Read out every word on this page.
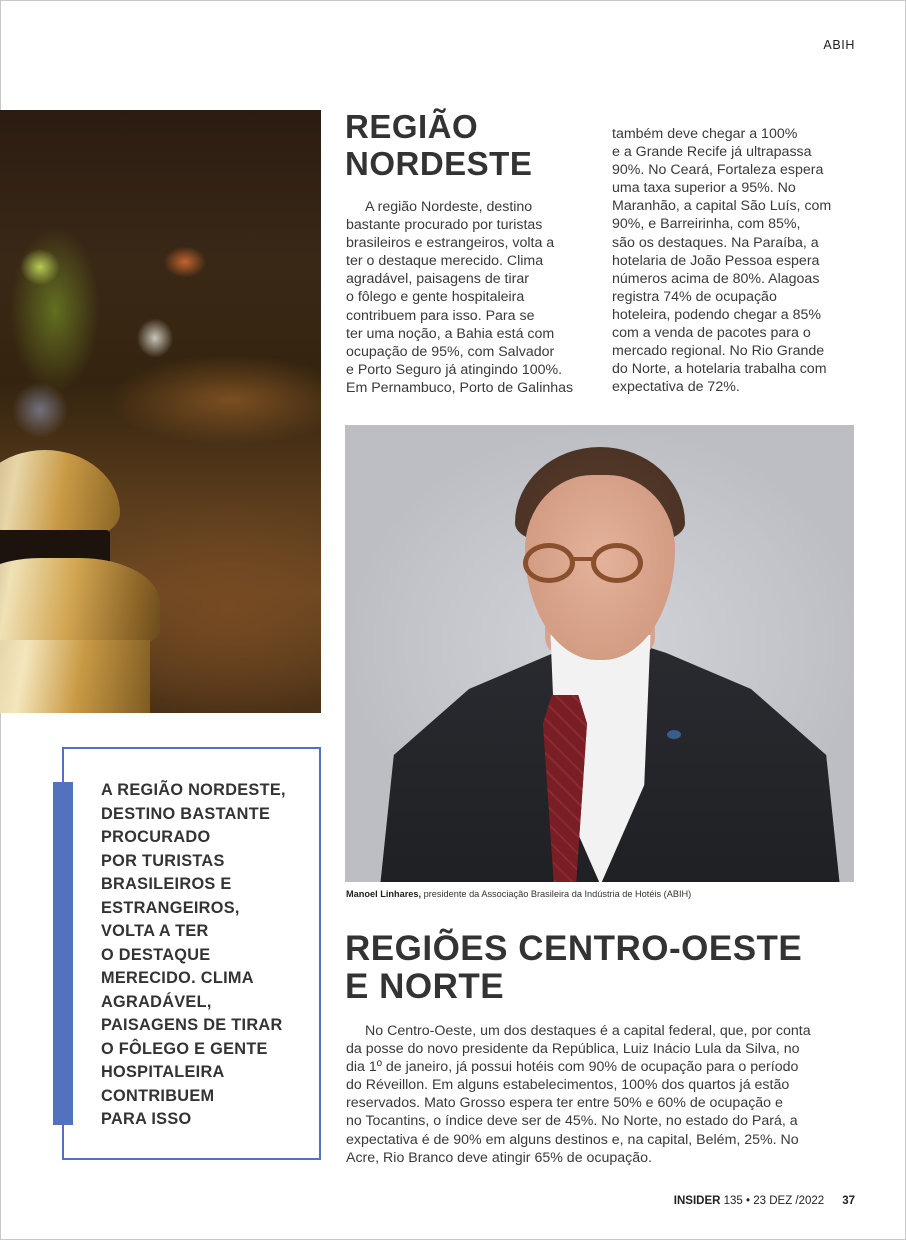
ABIH
REGIÃO
NORDESTE
A região Nordeste, destino
bastante procurado por turistas
brasileiros e estrangeiros, volta a
ter o destaque merecido. Clima
agradável, paisagens de tirar
o fôlego e gente hospitaleira
contribuem para isso. Para se
ter uma noção, a Bahia está com
ocupação de 95%, com Salvador
e Porto Seguro já atingindo 100%.
Em Pernambuco, Porto de Galinhas
também deve chegar a 100%
e a Grande Recife já ultrapassa
90%. No Ceará, Fortaleza espera
uma taxa superior a 95%. No
Maranhão, a capital São Luís, com
90%, e Barreirinha, com 85%,
são os destaques. Na Paraíba, a
hotelaria de João Pessoa espera
números acima de 80%. Alagoas
registra 74% de ocupação
hoteleira, podendo chegar a 85%
com a venda de pacotes para o
mercado regional. No Rio Grande
do Norte, a hotelaria trabalha com
expectativa de 72%.
Manoel Linhares, presidente da Associação Brasileira da Indústria de Hotéis (ABIH)
A REGIÃO NORDESTE,
DESTINO BASTANTE
PROCURADO
POR TURISTAS
BRASILEIROS E
ESTRANGEIROS,
VOLTA A TER
O DESTAQUE
MERECIDO. CLIMA
AGRADÁVEL,
PAISAGENS DE TIRAR
O FÔLEGO E GENTE
HOSPITALEIRA
CONTRIBUEM
PARA ISSO
REGIÕES CENTRO-OESTE
E NORTE
No Centro-Oeste, um dos destaques é a capital federal, que, por conta
da posse do novo presidente da República, Luiz Inácio Lula da Silva, no
dia 1º de janeiro, já possui hotéis com 90% de ocupação para o período
do Réveillon. Em alguns estabelecimentos, 100% dos quartos já estão
reservados. Mato Grosso espera ter entre 50% e 60% de ocupação e
no Tocantins, o índice deve ser de 45%. No Norte, no estado do Pará, a
expectativa é de 90% em alguns destinos e, na capital, Belém, 25%. No
Acre, Rio Branco deve atingir 65% de ocupação.
INSIDER 135 • 23 DEZ /2022 37
